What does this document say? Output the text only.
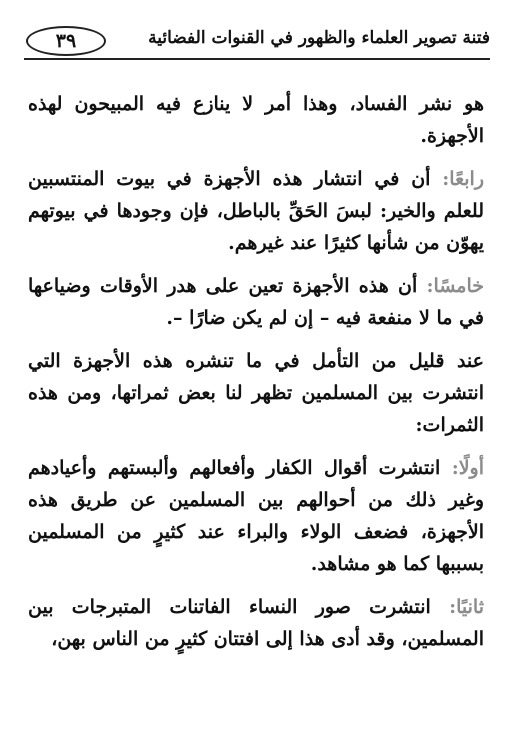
٣٩	فتنة تصوير العلماء والظهور في القنوات الفضائية

هو نشر الفساد، وهذا أمر لا ينازع فيه المبيحون لهذه الأجهزة.

رابعًا: أن في انتشار هذه الأجهزة في بيوت المنتسبين للعلم والخير: لبسَ الحَقِّ بالباطل، فإن وجودها في بيوتهم يهوّن من شأنها كثيرًا عند غيرهم.

خامسًا: أن هذه الأجهزة تعين على هدر الأوقات وضياعها في ما لا منفعة فيه – إن لم يكن ضارًا –.

عند قليل من التأمل في ما تنشره هذه الأجهزة التي انتشرت بين المسلمين تظهر لنا بعض ثمراتها، ومن هذه الثمرات:

أولًا: انتشرت أقوال الكفار وأفعالهم وألبستهم وأعيادهم وغير ذلك من أحوالهم بين المسلمين عن طريق هذه الأجهزة، فضعف الولاء والبراء عند كثيرٍ من المسلمين بسببها كما هو مشاهد.

ثانيًا: انتشرت صور النساء الفاتنات المتبرجات بين المسلمين، وقد أدى هذا إلى افتتان كثيرٍ من الناس بهن،
